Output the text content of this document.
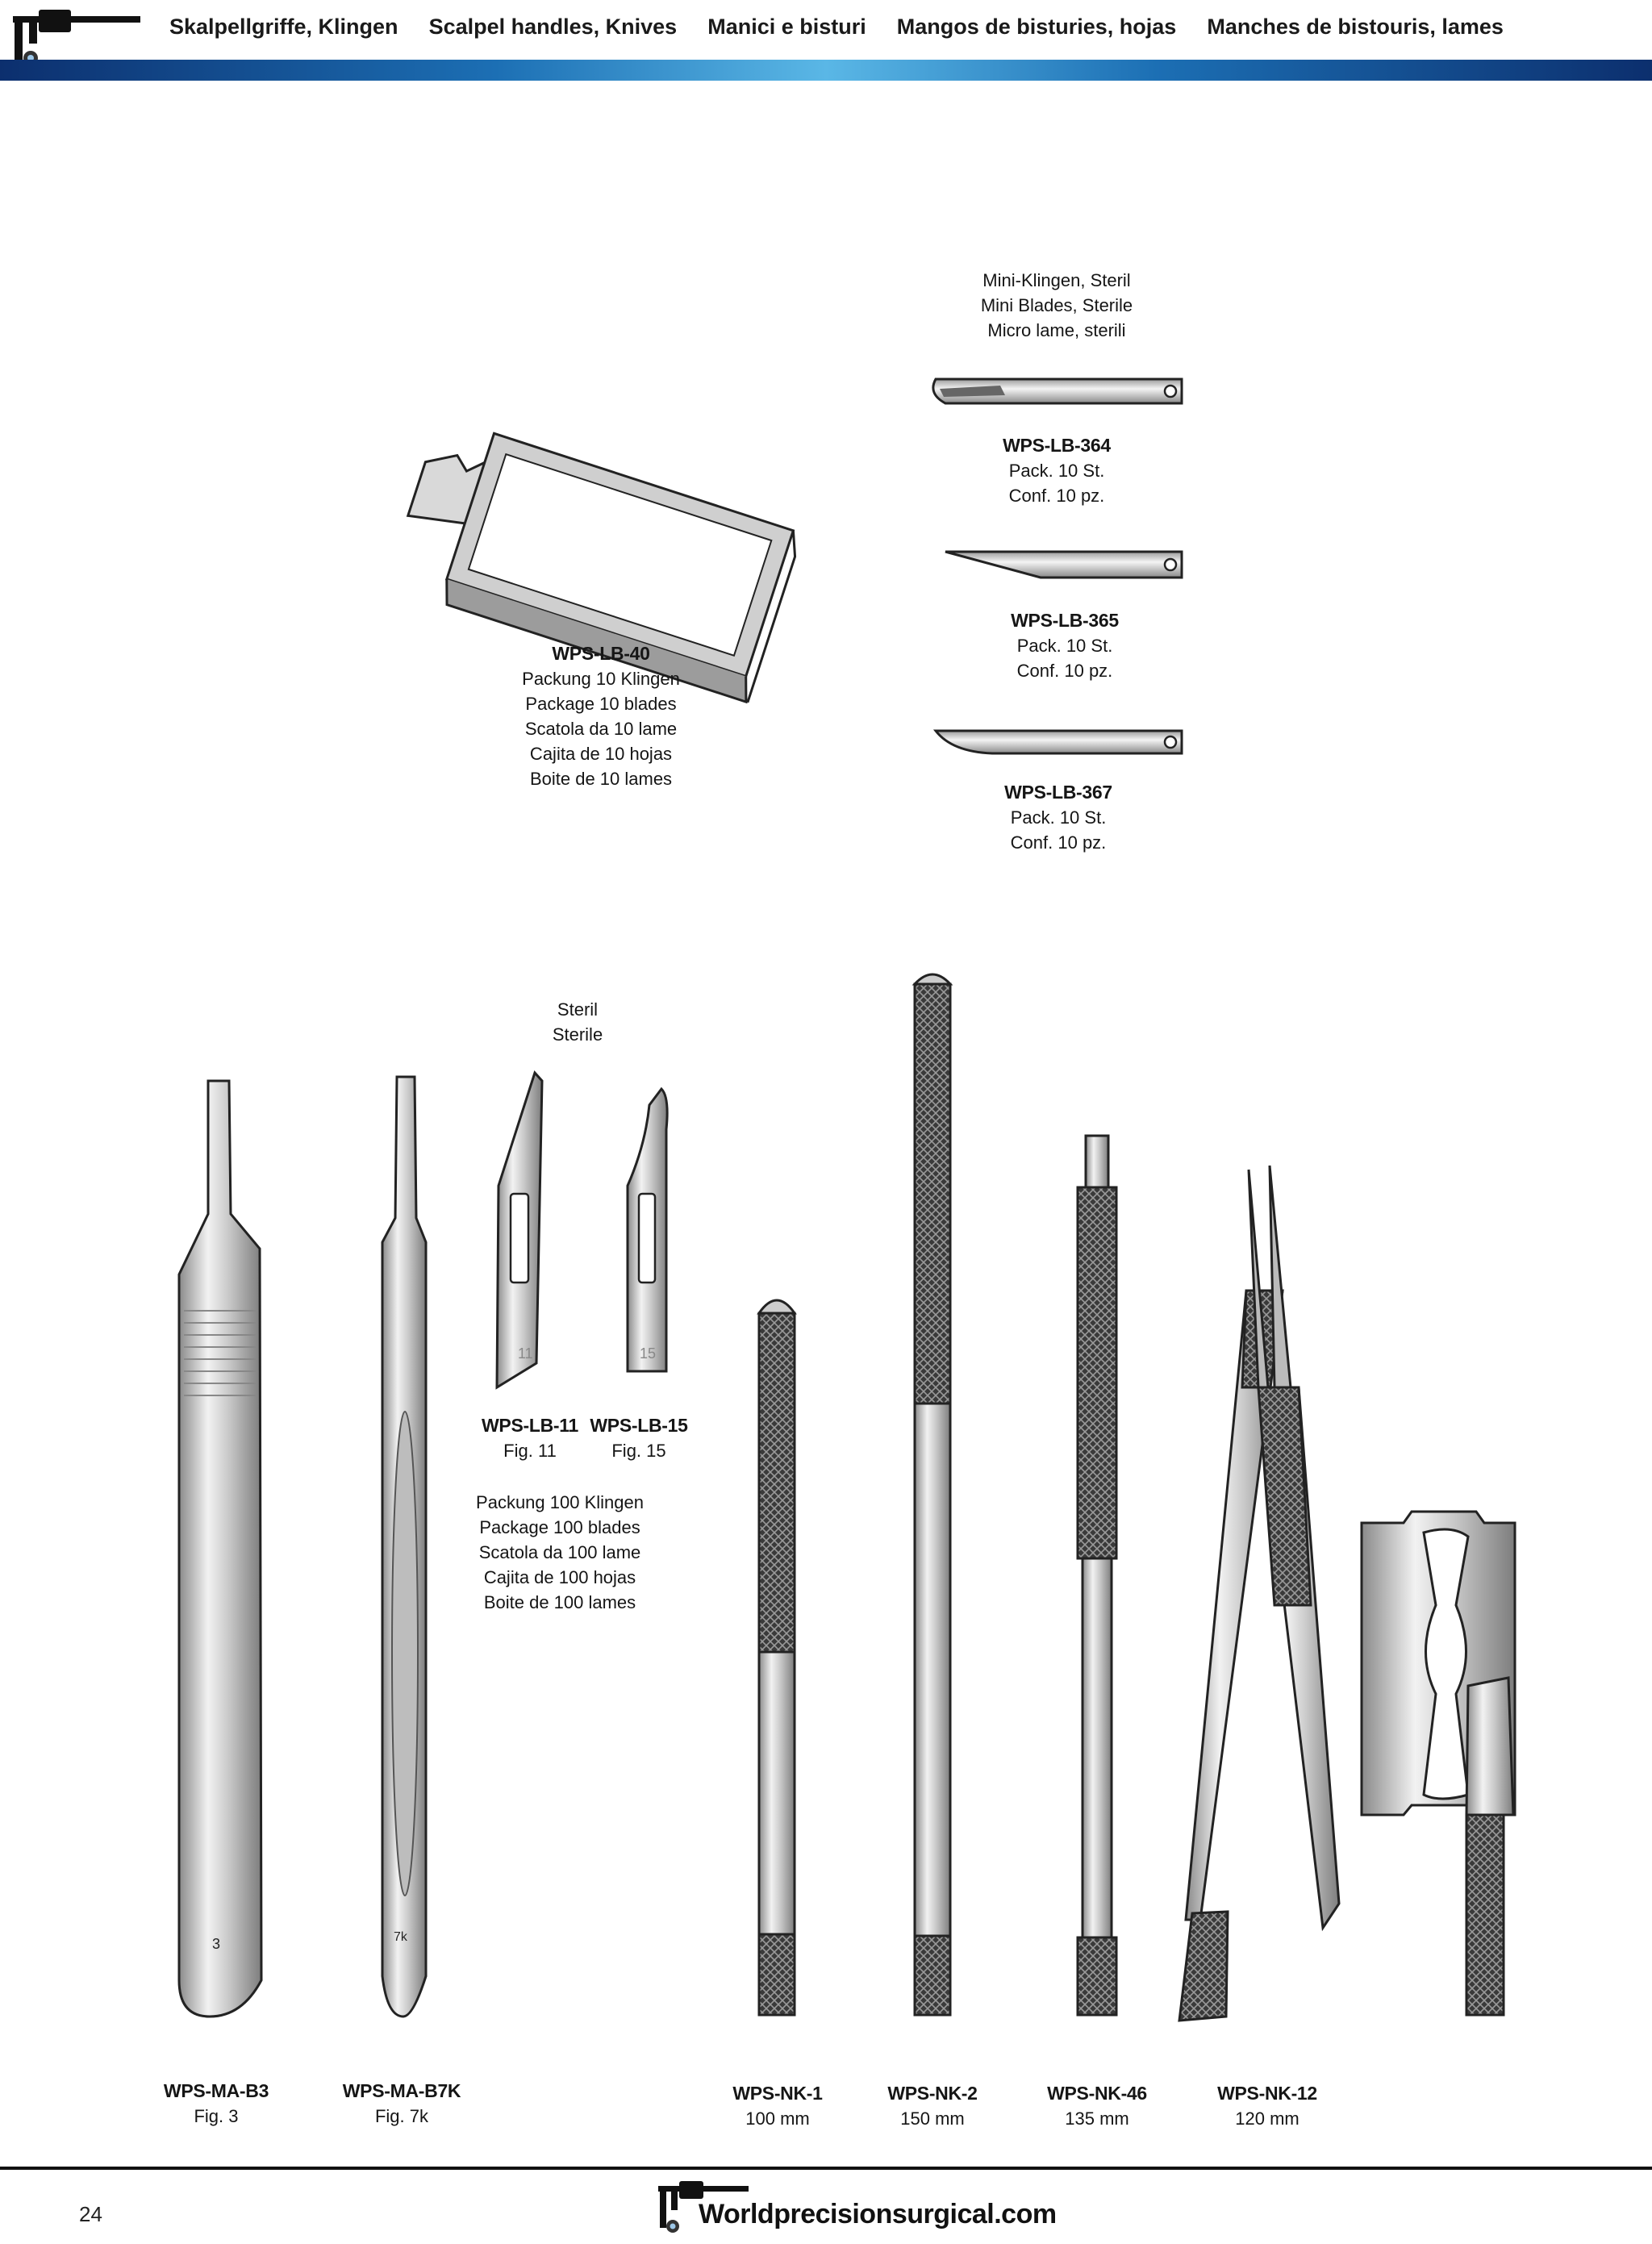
Skalpellgriffe, Klingen Scalpel handles, Knives Manici e bisturi Mangos de bisturies, hojas Manches de bistouris, lames
11	15
3	7k
WPS-LB-40
Packung 10 Klingen
Package 10 blades
Scatola da 10 lame
Cajita de 10 hojas
Boite de 10 lames
Mini-Klingen, Steril
Mini Blades, Sterile
Micro lame, sterili
WPS-LB-364
Pack. 10 St.
Conf. 10 pz.
WPS-LB-365
Pack. 10 St.
Conf. 10 pz.
WPS-LB-367
Pack. 10 St.
Conf. 10 pz.
Steril
Sterile
WPS-LB-11
Fig. 11
WPS-LB-15
Fig. 15
Packung 100 Klingen
Package 100 blades
Scatola da 100 lame
Cajita de 100 hojas
Boite de 100 lames
WPS-MA-B3
Fig. 3
WPS-MA-B7K
Fig. 7k
WPS-NK-1
100 mm
WPS-NK-2
150 mm
WPS-NK-46
135 mm
WPS-NK-12
120 mm
24	Worldprecisionsurgical.com
